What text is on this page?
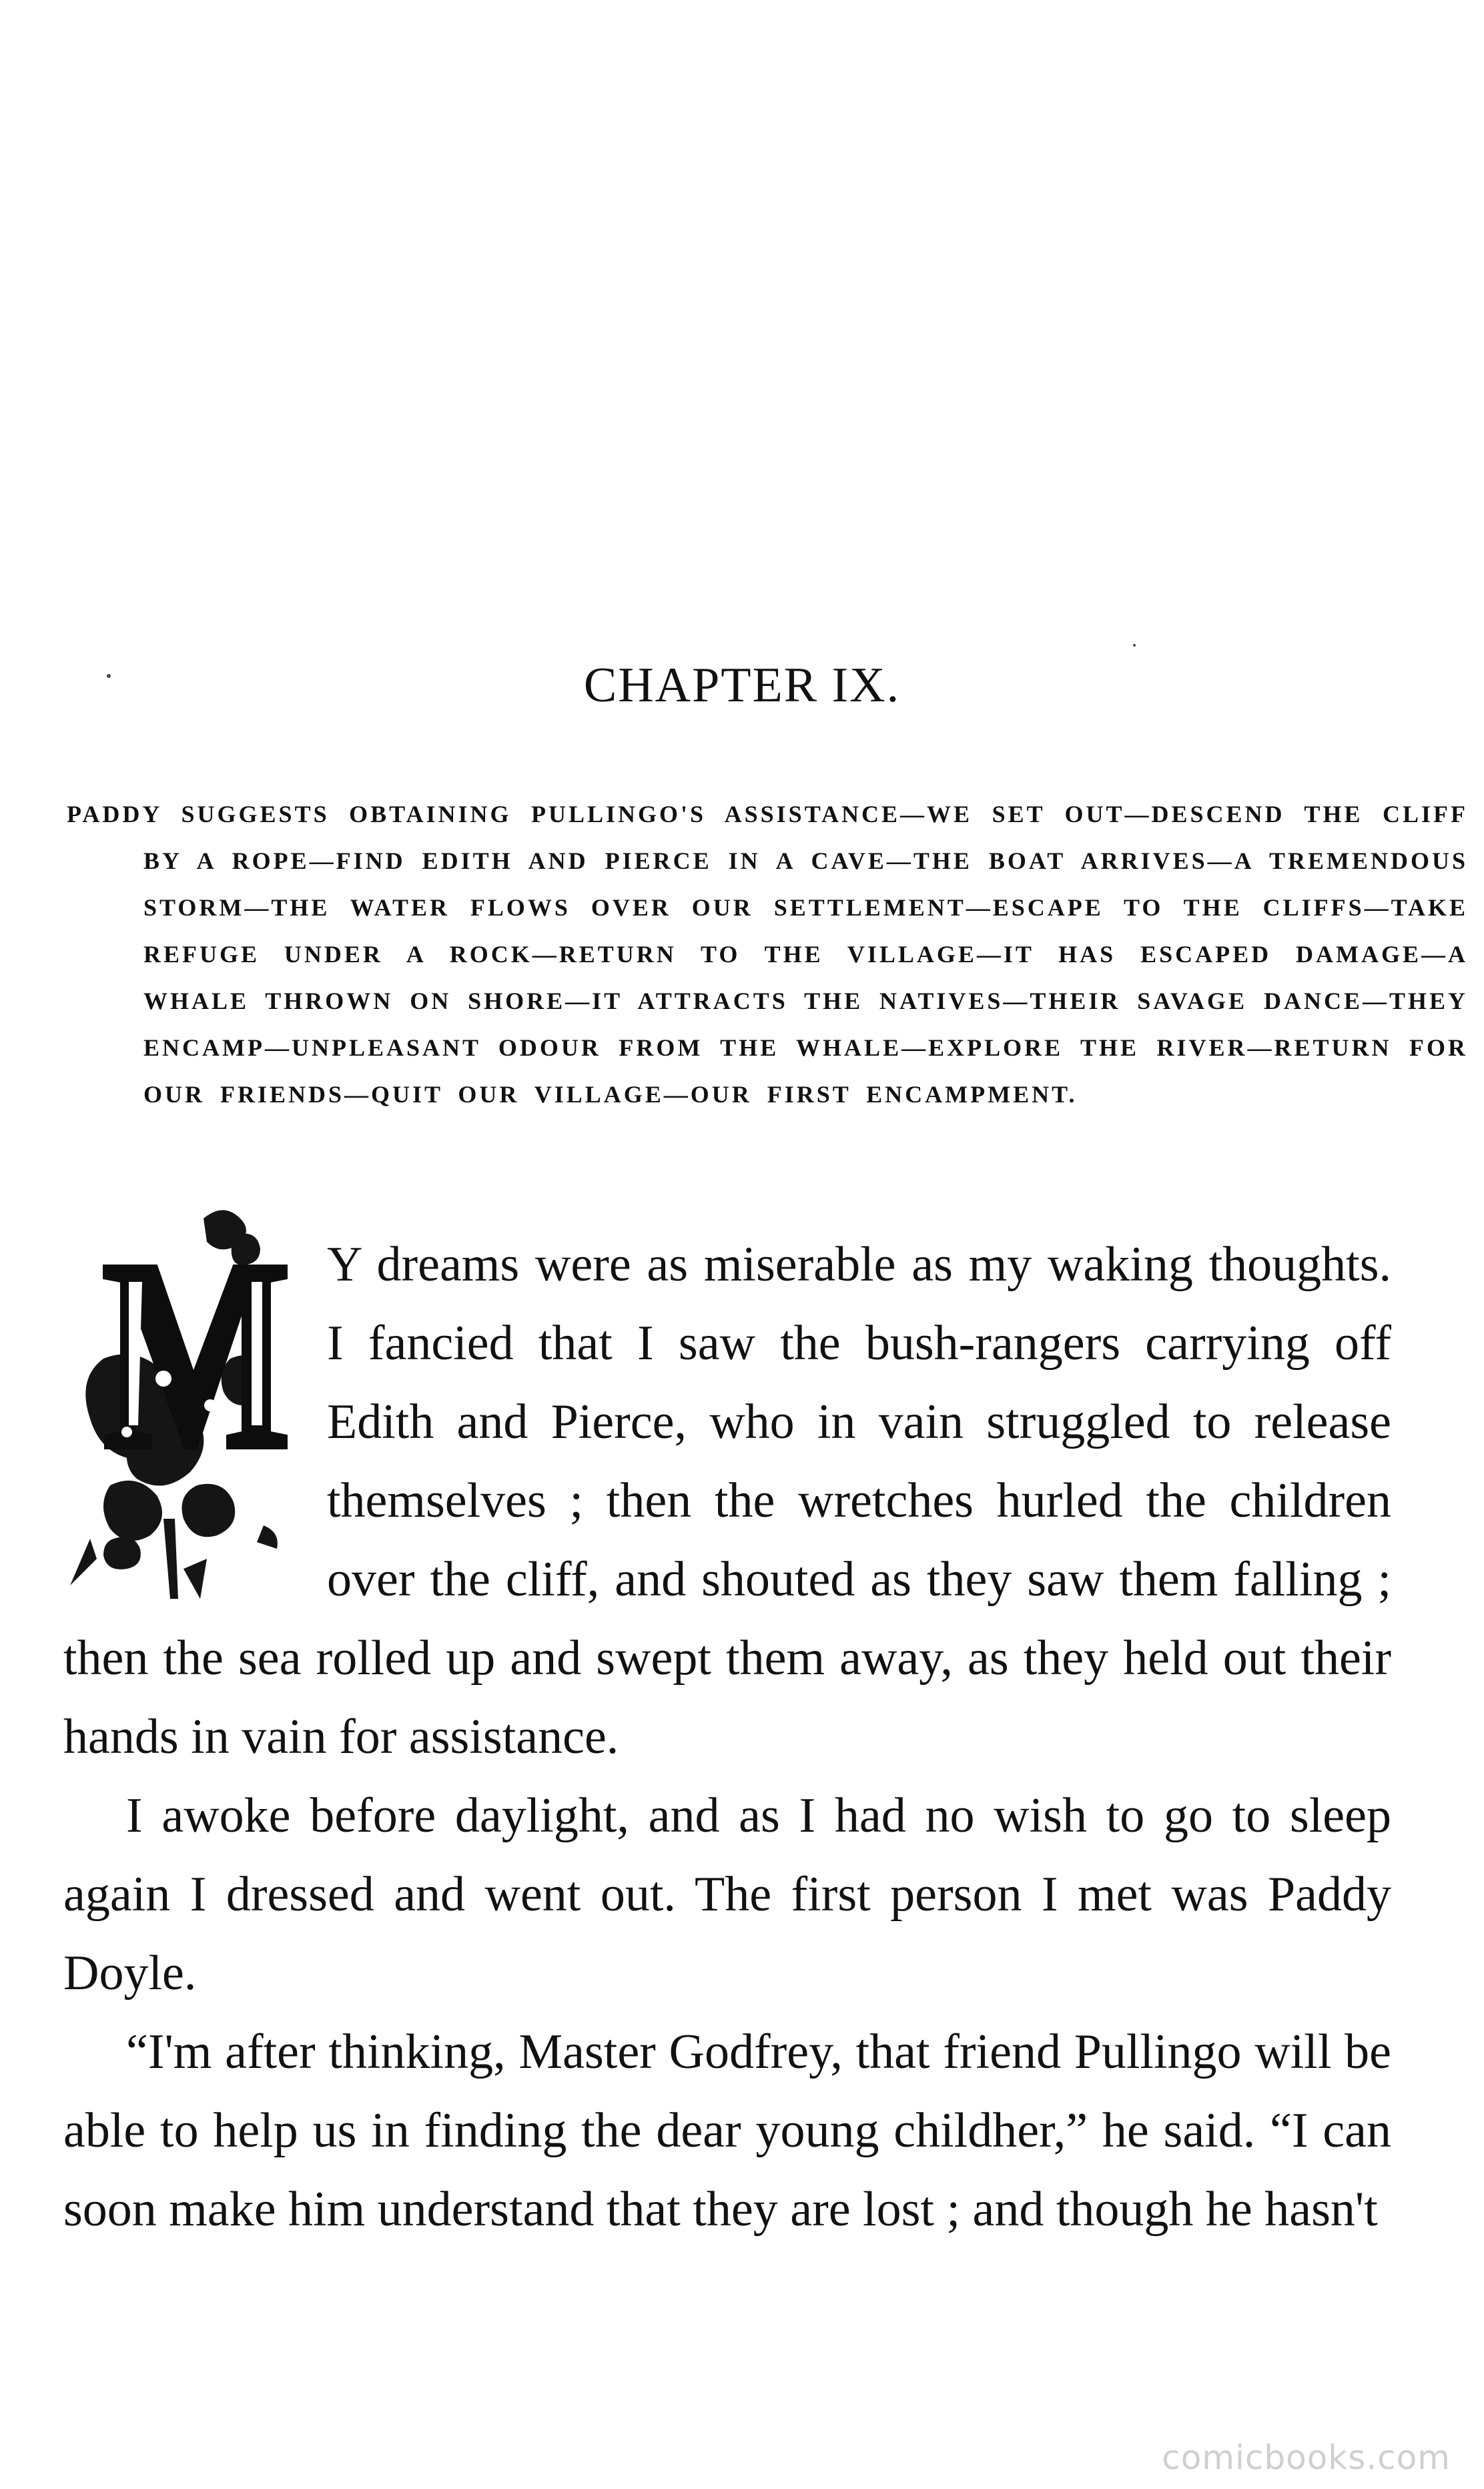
CHAPTER IX.

PADDY SUGGESTS OBTAINING PULLINGO'S ASSISTANCE—WE SET OUT—DESCEND THE CLIFF BY A ROPE—FIND EDITH AND PIERCE IN A CAVE—THE BOAT ARRIVES—A TREMENDOUS STORM—THE WATER FLOWS OVER OUR SETTLEMENT—ESCAPE TO THE CLIFFS—TAKE REFUGE UNDER A ROCK—RETURN TO THE VILLAGE—IT HAS ESCAPED DAMAGE—A WHALE THROWN ON SHORE—IT ATTRACTS THE NATIVES—THEIR SAVAGE DANCE—THEY ENCAMP—UNPLEASANT ODOUR FROM THE WHALE—EXPLORE THE RIVER—RETURN FOR OUR FRIENDS—QUIT OUR VILLAGE—OUR FIRST ENCAMPMENT.

Y dreams were as miserable as my waking thoughts. I fancied that I saw the bush-rangers carrying off Edith and Pierce, who in vain struggled to release themselves ; then the wretches hurled the children over the cliff, and shouted as they saw them falling ; then the sea rolled up and swept them away, as they held out their hands in vain for assistance.

I awoke before daylight, and as I had no wish to go to sleep again I dressed and went out. The first person I met was Paddy Doyle.

“I'm after thinking, Master Godfrey, that friend Pullingo will be able to help us in finding the dear young childher,” he said. “I can soon make him understand that they are lost ; and though he hasn't

comicbooks.com
